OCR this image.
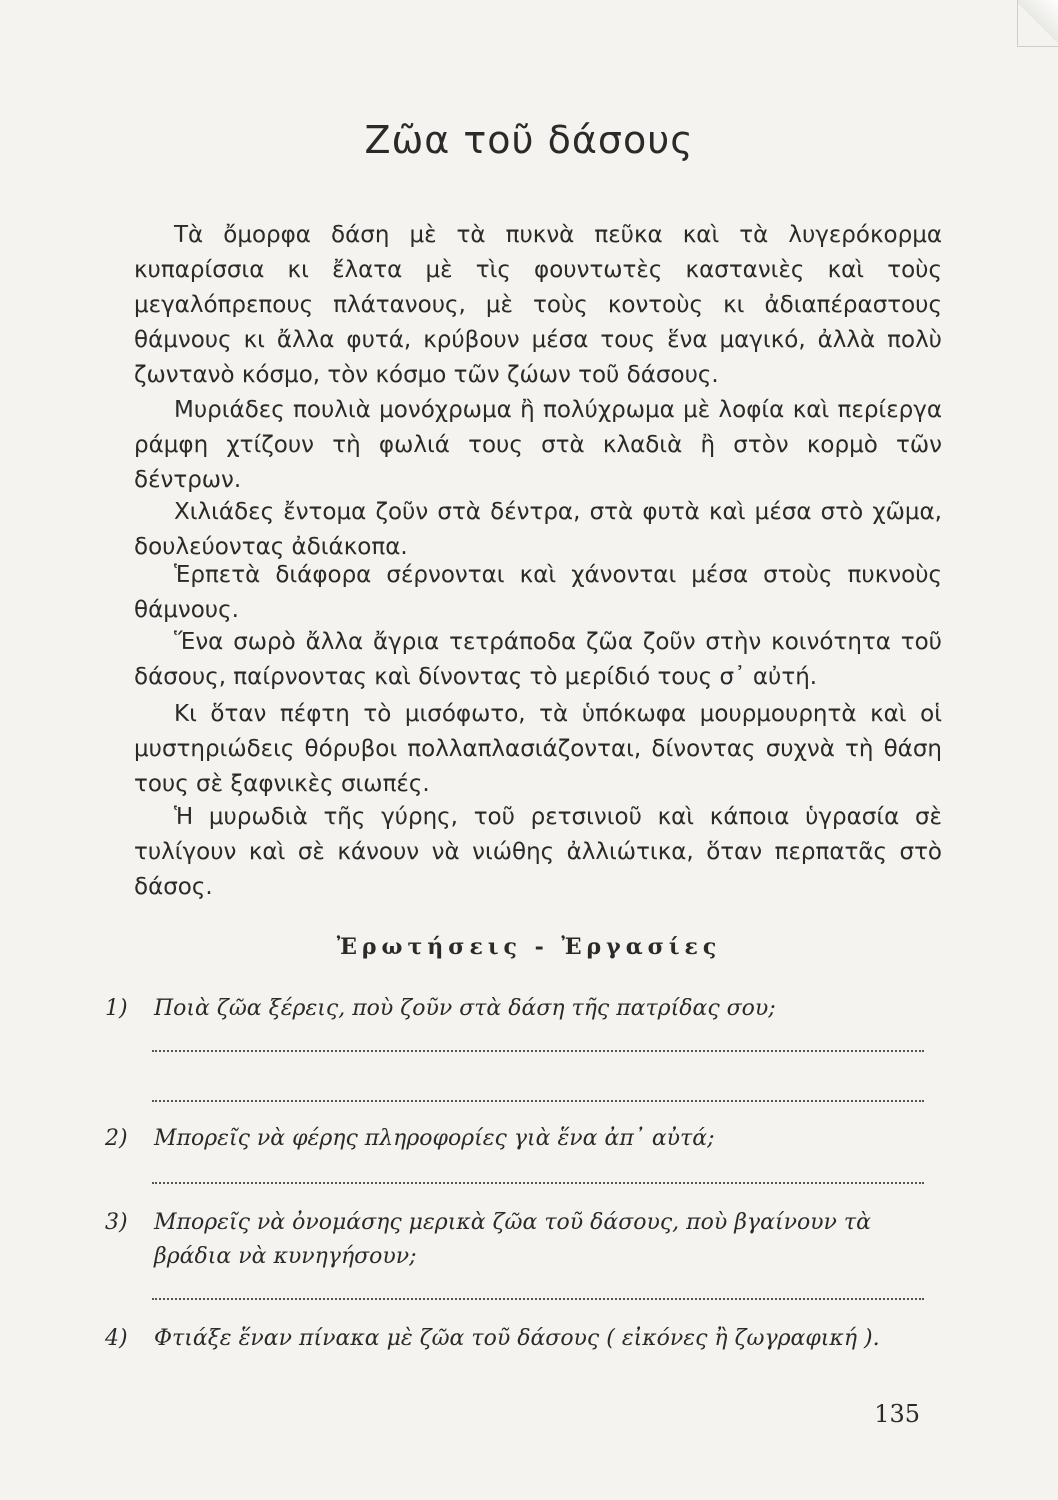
Ζῶα τοῦ δάσους

Τὰ ὄμορφα δάση μὲ τὰ πυκνὰ πεῦκα καὶ τὰ λυγερόκορμα κυπαρίσσια κι ἔλατα μὲ τὶς φουντωτὲς καστανιὲς καὶ τοὺς μεγαλόπρεπους πλάτανους, μὲ τοὺς κοντοὺς κι ἀδιαπέραστους θάμνους κι ἄλλα φυτά, κρύβουν μέσα τους ἕνα μαγικό, ἀλλὰ πολὺ ζωντανὸ κόσμο, τὸν κόσμο τῶν ζώων τοῦ δάσους.

Μυριάδες πουλιὰ μονόχρωμα ἢ πολύχρωμα μὲ λοφία καὶ περίεργα ράμφη χτίζουν τὴ φωλιά τους στὰ κλαδιὰ ἢ στὸν κορμὸ τῶν δέντρων.

Χιλιάδες ἔντομα ζοῦν στὰ δέντρα, στὰ φυτὰ καὶ μέσα στὸ χῶμα, δουλεύοντας ἀδιάκοπα.

Ἑρπετὰ διάφορα σέρνονται καὶ χάνονται μέσα στοὺς πυκνοὺς θάμνους.

Ἕνα σωρὸ ἄλλα ἄγρια τετράποδα ζῶα ζοῦν στὴν κοινότητα τοῦ δάσους, παίρνοντας καὶ δίνοντας τὸ μερίδιό τους σ᾿ αὐτή.

Κι ὅταν πέφτη τὸ μισόφωτο, τὰ ὑπόκωφα μουρμουρητὰ καὶ οἱ μυστηριώδεις θόρυβοι πολλαπλασιάζονται, δίνοντας συχνὰ τὴ θάση τους σὲ ξαφνικὲς σιωπές.

Ἡ μυρωδιὰ τῆς γύρης, τοῦ ρετσινιοῦ καὶ κάποια ὑγρασία σὲ τυλίγουν καὶ σὲ κάνουν νὰ νιώθης ἀλλιώτικα, ὅταν περπατᾶς στὸ δάσος.

Ἐρωτήσεις - Ἐργασίες
1) Ποιὰ ζῶα ξέρεις, ποὺ ζοῦν στὰ δάση τῆς πατρίδας σου;
2) Μπορεῖς νὰ φέρης πληροφορίες γιὰ ἕνα ἀπ᾿ αὐτά;
3) Μπορεῖς νὰ ὀνομάσης μερικὰ ζῶα τοῦ δάσους, ποὺ βγαίνουν τὰ βράδια νὰ κυνηγήσουν;
4) Φτιάξε ἕναν πίνακα μὲ ζῶα τοῦ δάσους ( εἰκόνες ἢ ζωγραφική ).
135
